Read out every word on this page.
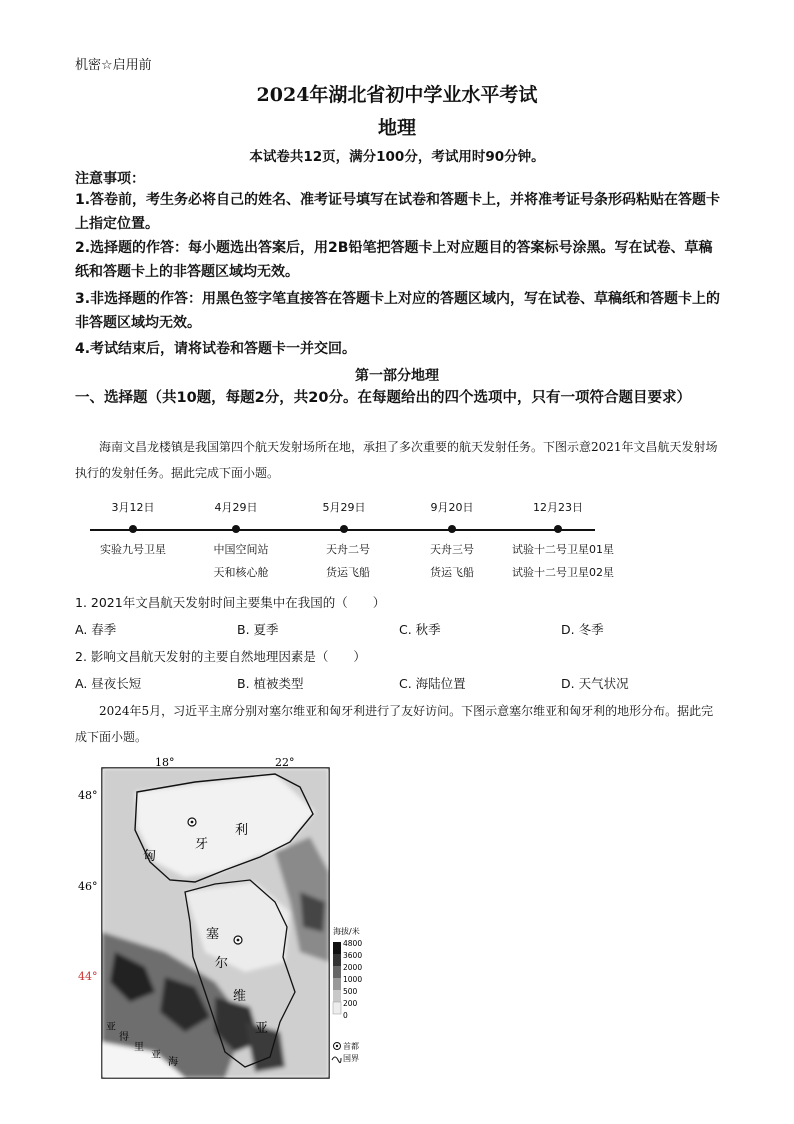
机密☆启用前
2024年湖北省初中学业水平考试
地理
本试卷共12页，满分100分，考试用时90分钟。
注意事项：
1.答卷前，考生务必将自己的姓名、准考证号填写在试卷和答题卡上，并将准考证号条形码粘贴在答题卡上指定位置。
2.选择题的作答：每小题选出答案后，用2B铅笔把答题卡上对应题目的答案标号涂黑。写在试卷、草稿纸和答题卡上的非答题区域均无效。
3.非选择题的作答：用黑色签字笔直接答在答题卡上对应的答题区域内，写在试卷、草稿纸和答题卡上的非答题区域均无效。
4.考试结束后，请将试卷和答题卡一并交回。
第一部分地理
一、选择题（共10题，每题2分，共20分。在每题给出的四个选项中，只有一项符合题目要求）
海南文昌龙楼镇是我国第四个航天发射场所在地，承担了多次重要的航天发射任务。下图示意2021年文昌航天发射场执行的发射任务。据此完成下面小题。
3月12日	4月29日	5月29日	9月20日	12月23日
实验九号卫星	中国空间站
天和核心舱
天舟二号
货运飞船
天舟三号
货运飞船
试验十二号卫星01星
试验十二号卫星02星
1. 2021年文昌航天发射时间主要集中在我国的（　　）
A. 春季	B. 夏季	C. 秋季	D. 冬季
2. 影响文昌航天发射的主要自然地理因素是（　　）
A. 昼夜长短	B. 植被类型	C. 海陆位置	D. 天气状况
2024年5月，习近平主席分别对塞尔维亚和匈牙利进行了友好访问。下图示意塞尔维亚和匈牙利的地形分布。据此完成下面小题。
18°	22°
48°
46°
44°
匈
牙
利
塞
尔
维
亚
亚
得
里
亚
海
海拔/米
4800
3600
2000
1000
500
200
0
首都
国界
